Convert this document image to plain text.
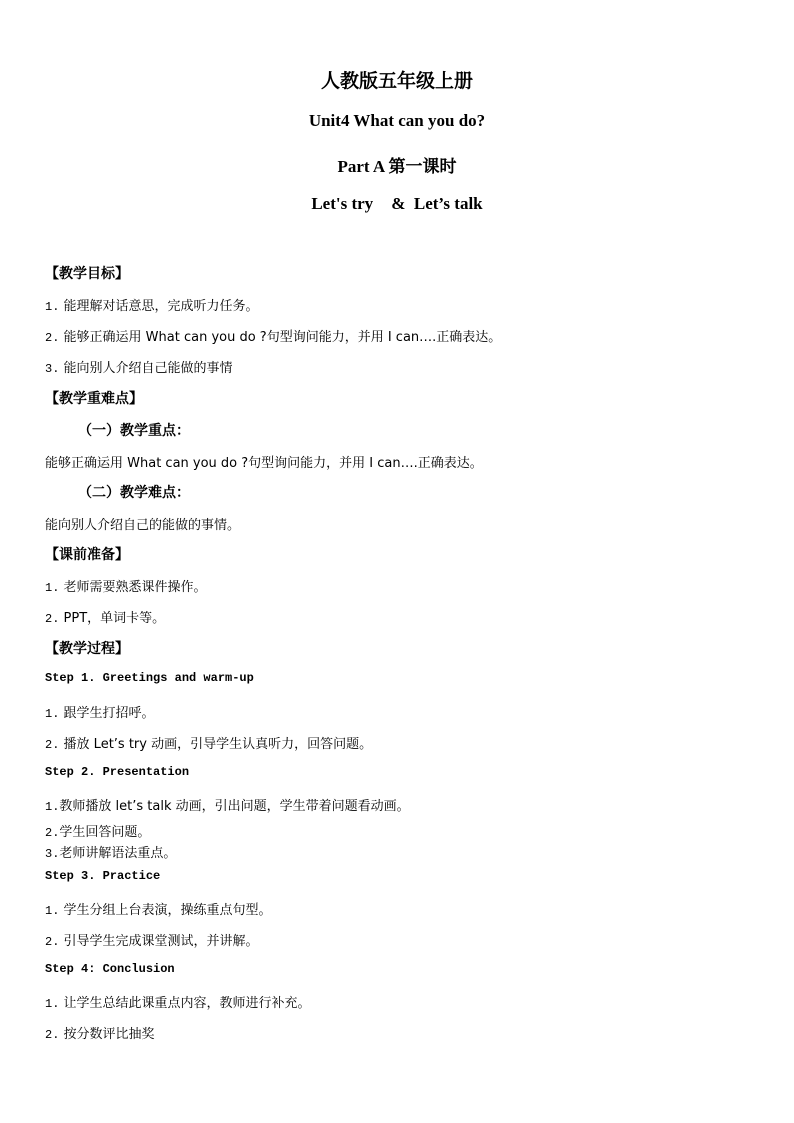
人教版五年级上册
Unit4 What can you do?
Part A 第一课时
Let's try & Let’s talk
【教学目标】
1. 能理解对话意思，完成听力任务。
2. 能够正确运用 What can you do ?句型询问能力，并用 I can….正确表达。
3. 能向别人介绍自己能做的事情
【教学重难点】
（一）教学重点：
能够正确运用 What can you do ?句型询问能力，并用 I can….正确表达。
（二）教学难点：
能向别人介绍自己的能做的事情。
【课前准备】
1. 老师需要熟悉课件操作。
2. PPT，单词卡等。
【教学过程】
Step 1. Greetings and warm-up
1. 跟学生打招呼。
2. 播放 Let’s try 动画，引导学生认真听力，回答问题。
Step 2. Presentation
1.教师播放 let’s talk 动画，引出问题，学生带着问题看动画。
2.学生回答问题。
3.老师讲解语法重点。
Step 3. Practice
1. 学生分组上台表演，操练重点句型。
2. 引导学生完成课堂测试，并讲解。
Step 4: Conclusion
1. 让学生总结此课重点内容，教师进行补充。
2. 按分数评比抽奖
